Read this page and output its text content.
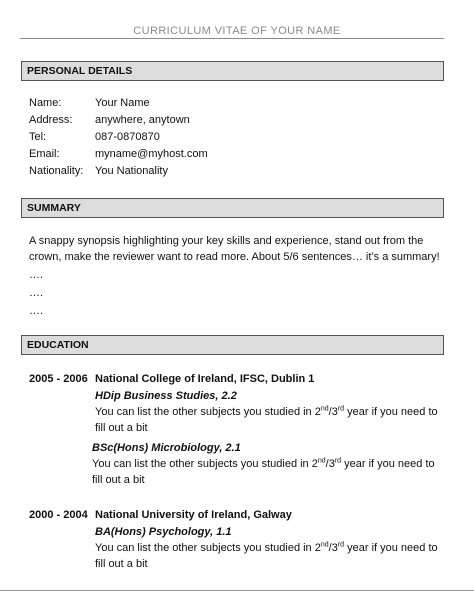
CURRICULUM VITAE OF YOUR NAME
PERSONAL DETAILS
Name:	Your Name
Address: anywhere, anytown
Tel:	087-0870870
Email:	myname@myhost.com
Nationality: You Nationality
SUMMARY
A snappy synopsis highlighting your key skills and experience, stand out from the crown, make the reviewer want to read more. About 5/6 sentences… it’s a summary!
….
….
….
EDUCATION
2005 - 2006 National College of Ireland, IFSC, Dublin 1
HDip Business Studies, 2.2
You can list the other subjects you studied in 2nd/3rd year if you need to fill out a bit
BSc(Hons) Microbiology, 2.1
You can list the other subjects you studied in 2nd/3rd year if you need to fill out a bit
2000 - 2004 National University of Ireland, Galway
BA(Hons) Psychology, 1.1
You can list the other subjects you studied in 2nd/3rd year if you need to fill out a bit
